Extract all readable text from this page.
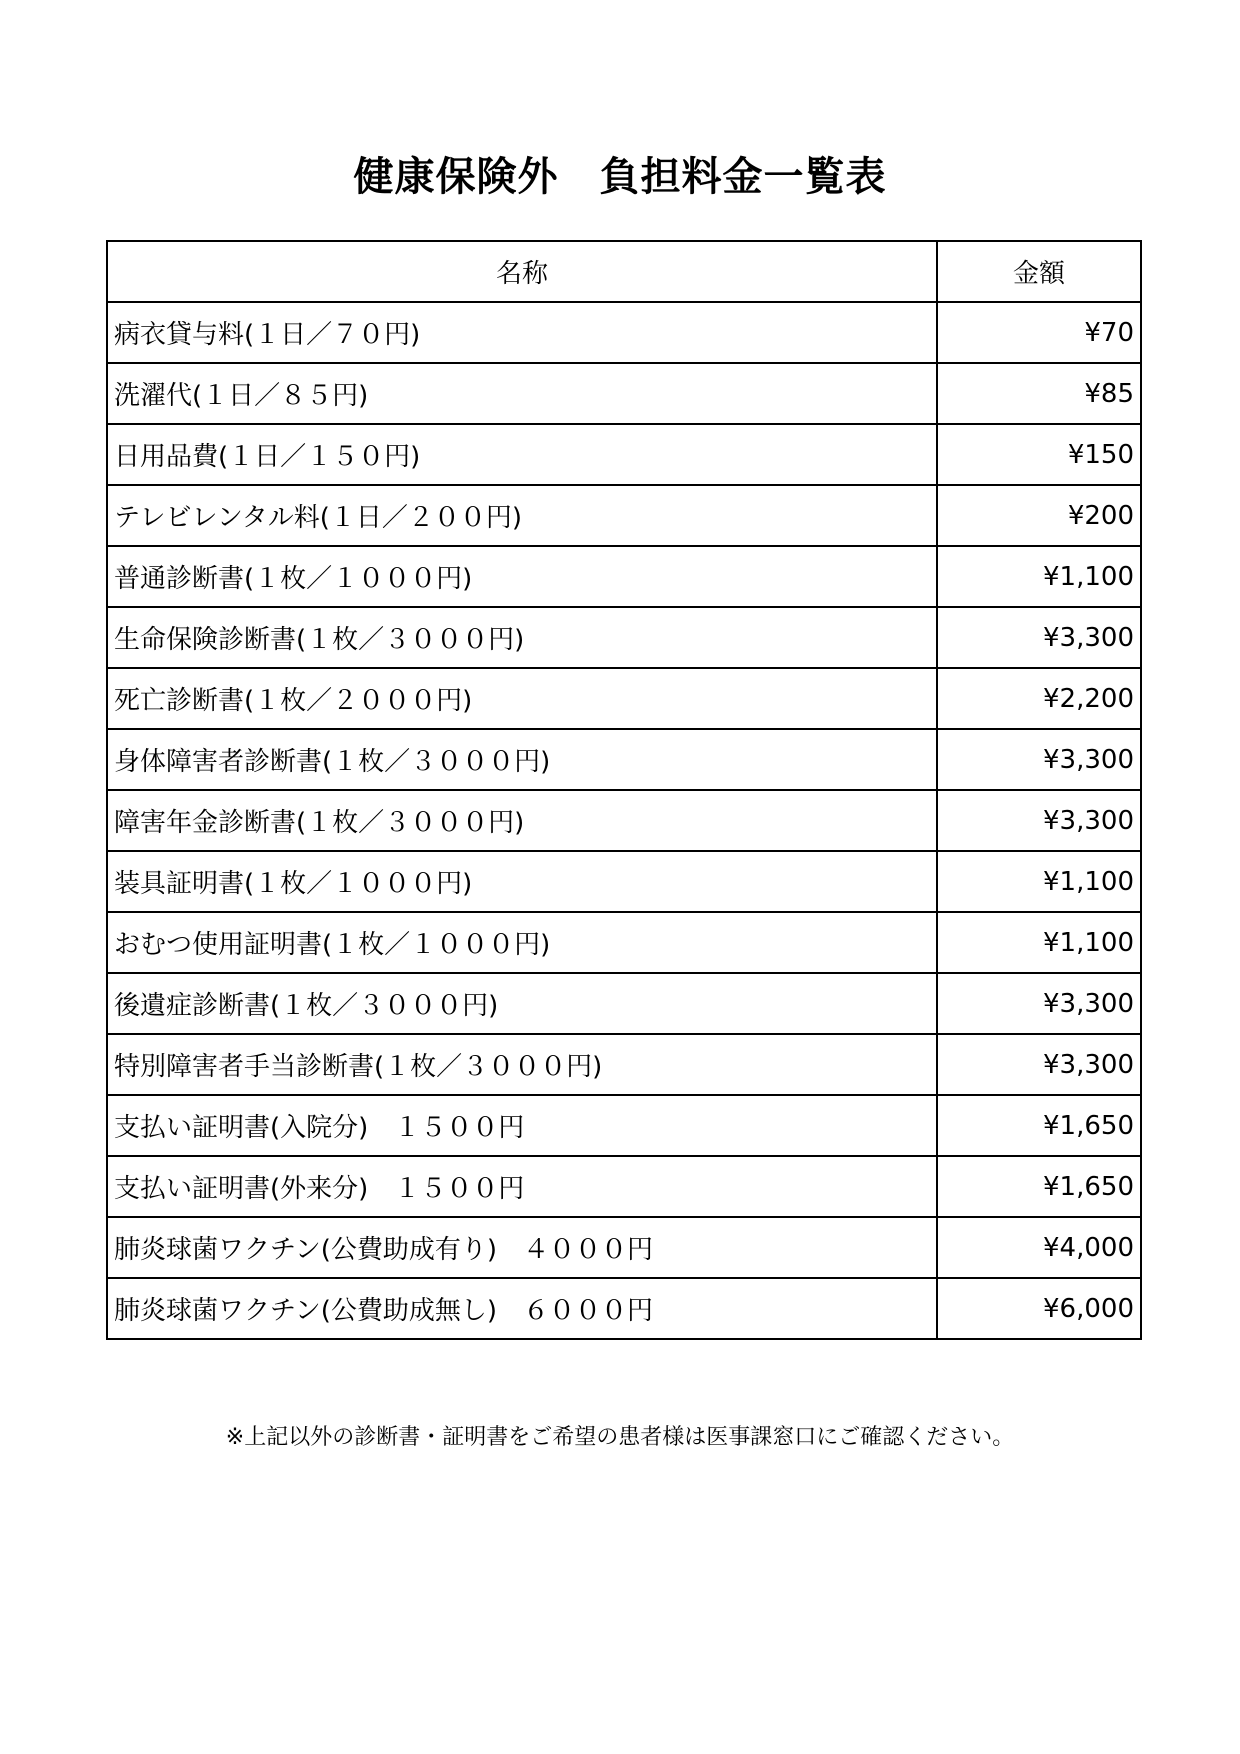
健康保険外　負担料金一覧表
名称	金額
病衣貸与料(１日／７０円)	¥70
洗濯代(１日／８５円)	¥85
日用品費(１日／１５０円)	¥150
テレビレンタル料(１日／２００円)	¥200
普通診断書(１枚／１０００円)	¥1,100
生命保険診断書(１枚／３０００円)	¥3,300
死亡診断書(１枚／２０００円)	¥2,200
身体障害者診断書(１枚／３０００円)	¥3,300
障害年金診断書(１枚／３０００円)	¥3,300
装具証明書(１枚／１０００円)	¥1,100
おむつ使用証明書(１枚／１０００円)	¥1,100
後遺症診断書(１枚／３０００円)	¥3,300
特別障害者手当診断書(１枚／３０００円)	¥3,300
支払い証明書(入院分)　１５００円	¥1,650
支払い証明書(外来分)　１５００円	¥1,650
肺炎球菌ワクチン(公費助成有り)　４０００円	¥4,000
肺炎球菌ワクチン(公費助成無し)　６０００円	¥6,000

※上記以外の診断書・証明書をご希望の患者様は医事課窓口にご確認ください。
